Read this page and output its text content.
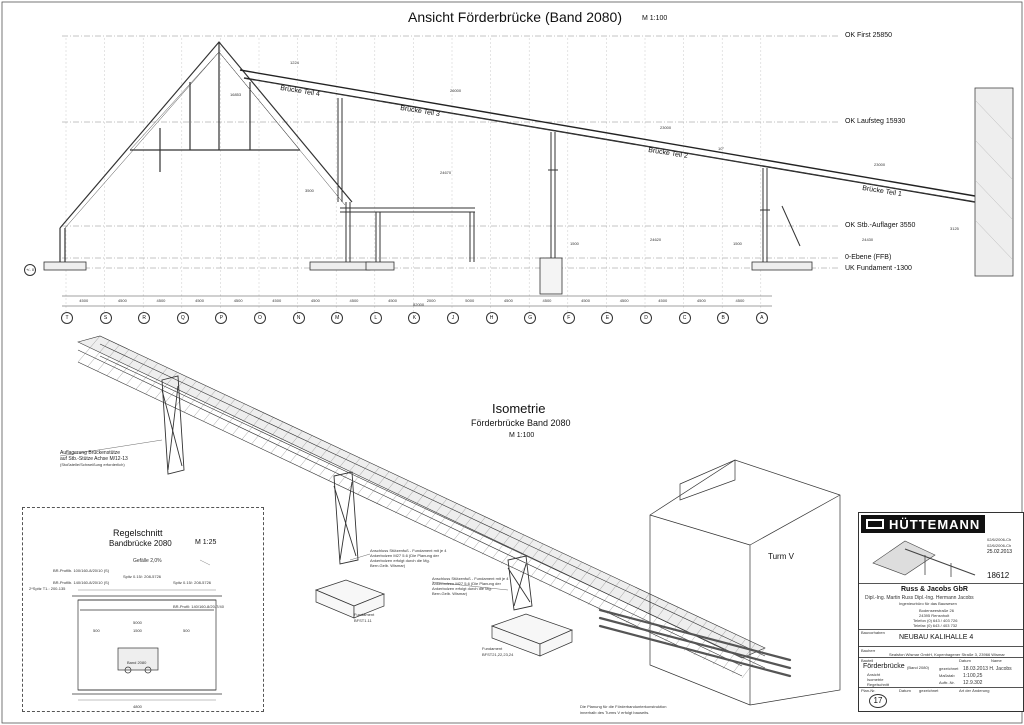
Ansicht Förderbrücke (Band 2080)	M 1:100
OK First 25850
OK Laufsteg 15930
OK Stb.-Auflager 3550
0-Ebene (FFB)
UK Fundament -1300
Brücke Teil 4
Brücke Teil 3
Brücke Teil 2
Brücke Teil 1
1224
26000
23000
23000
16853
24670
3500
1500
24620
1500
24430
3125
10°
4500	4500	4500	4500	4500	4500	4500	4500	4500	2000	5000	4500	4500	4500	4500	4500	4500	4500
82000
T	S	R	Q	P	O	N	M	L	K	J	H	G	F	E	D	C	B	A
+/- 0
Isometrie
Förderbrücke Band 2080
M 1:100
Auflagerung Brückenstütze
auf Stb.-Stütze Achse M/12-13
(Stoßstelle/Schweißung erforderlich)
Anschluss Stützenfuß - Fundament mit je 4 Ankerbolzen M27 5.6 (Die Planung der Ankerbolzen erfolgt durch die Mg. Bern.Gelb. Wismar)
Anschluss Stützenfuß - Fundament mit je 4 Ankerbolzen M27 5.6 (Die Planung der Ankerbolzen erfolgt durch die Mg. Bern.Gelb. Wismar)
Fundament
BFST1.11
Fundament
BFST21,22,23,24
Turm V
Die Planung für die Förderbandunterkonstruktion
innerhalb des Turms V erfolgt bauseits.
Regelschnitt
Bandbrücke 2080	M 1:25
Gefälle 2,0%
Band 2080
5000
4800
500	1500	500
BR-Profilb. 100/160-8/20/10 (S)
Spitz 0.15/: 208-5726
BR-Profilb. 140/160-8/20/10 (S)	Spitz 0.15/: 208-5726
2*Spitz T1.: 200-135
BR-Profil: 140/160-8/20-7/40
HÜTTEMANN
02/6/2006-Ch
02/6/2006-Ch
25.02.2013
18612
Russ & Jacobs GbR
Dipl.-Ing. Martin Russ Dipl.-Ing. Hermann Jacobs
Ingenieurbüro für das Bauwesen
Bodenseestraße 26
24395 Rensnholt
Telefon (0) 643 / 403 726
Telefax (0) 643 / 403 732
Bauvorhaben
NEUBAU KALIHALLE 4
Bauherr
Sealsfon Wismar GmbH, Kopenhagener Straße 3, 23966 Wismar
Bauteil	Datum	Name
Förderbrücke (Band 2080)
Ansicht
Isometrie
Regelschnitt
gezeichnet 18.03.2013 H. Jacobs
Maßstab 1:100,25
Auftr.-Nr. 12.9.302
Plan-Nr.	Datum gezeichnet	Art der Änderung
17
